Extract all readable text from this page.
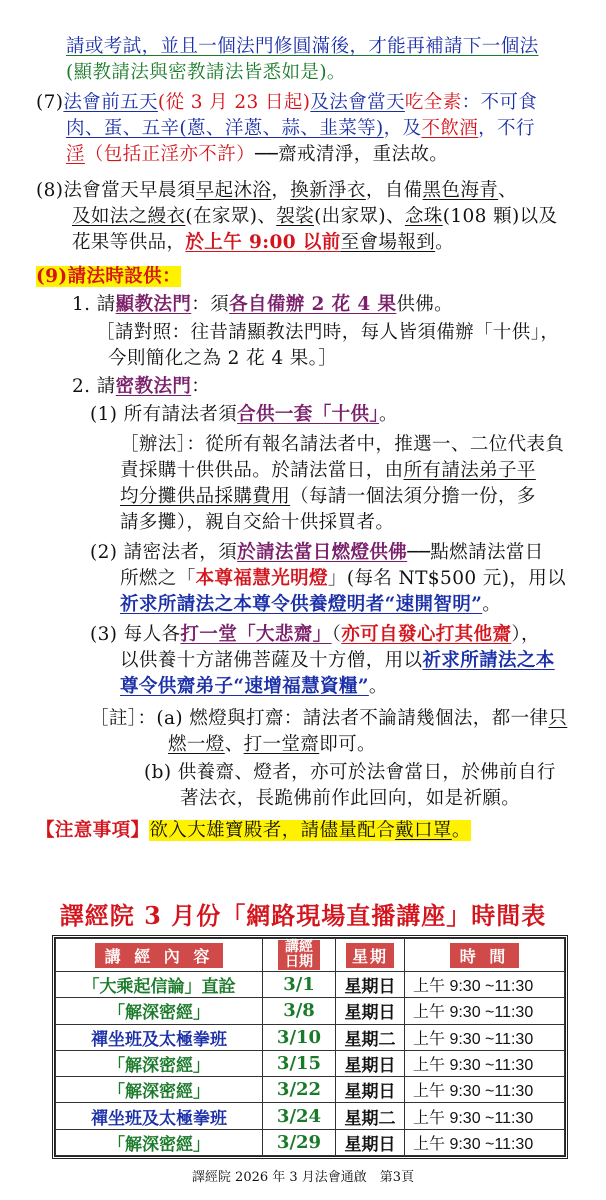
請或考試，並且一個法門修圓滿後，才能再補請下一個法
(顯教請法與密教請法皆悉如是)。
(7)法會前五天(從 3 月 23 日起)及法會當天吃全素：不可食
肉、蛋、五辛(蔥、洋蔥、蒜、韭菜等)，及不飲酒，不行
淫（包括正淫亦不許）──齋戒清淨，重法故。
(8)法會當天早晨須早起沐浴，換新淨衣，自備黑色海青、
及如法之縵衣(在家眾)、袈裟(出家眾)、念珠(108 顆)以及
花果等供品，於上午 9:00 以前至會場報到。
(9)請法時設供：
1. 請顯教法門：須各自備辦 2 花 4 果供佛。
［請對照：往昔請顯教法門時，每人皆須備辦「十供」，
今則簡化之為 2 花 4 果。］
2. 請密教法門：
(1) 所有請法者須合供一套「十供」。
［辦法］：從所有報名請法者中，推選一、二位代表負
責採購十供供品。於請法當日，由所有請法弟子平
均分攤供品採購費用（每請一個法須分擔一份，多
請多攤），親自交給十供採買者。
(2) 請密法者，須於請法當日燃燈供佛──點燃請法當日
所燃之「本尊福慧光明燈」(每名 NT$500 元)，用以
祈求所請法之本尊令供養燈明者“速開智明”。
(3) 每人各打一堂「大悲齋」（亦可自發心打其他齋），
以供養十方諸佛菩薩及十方僧，用以祈求所請法之本
尊令供齋弟子“速增福慧資糧”。
［註］：(a) 燃燈與打齋：請法者不論請幾個法，都一律只
燃一燈、打一堂齋即可。
(b) 供養齋、燈者，亦可於法會當日，於佛前自行
著法衣，長跪佛前作此回向，如是祈願。
【注意事項】欲入大雄寶殿者，請儘量配合戴口罩。
譯經院 3 月份「網路現場直播講座」時間表
講 經 內 容	講經日期	星期	時 間
「大乘起信論」直詮	3/1	星期日	上午 9:30 ~11:30
「解深密經」	3/8	星期日	上午 9:30 ~11:30
禪坐班及太極拳班	3/10	星期二	上午 9:30 ~11:30
「解深密經」	3/15	星期日	上午 9:30 ~11:30
「解深密經」	3/22	星期日	上午 9:30 ~11:30
禪坐班及太極拳班	3/24	星期二	上午 9:30 ~11:30
「解深密經」	3/29	星期日	上午 9:30 ~11:30
譯經院 2026 年 3 月法會通啟　第3頁
